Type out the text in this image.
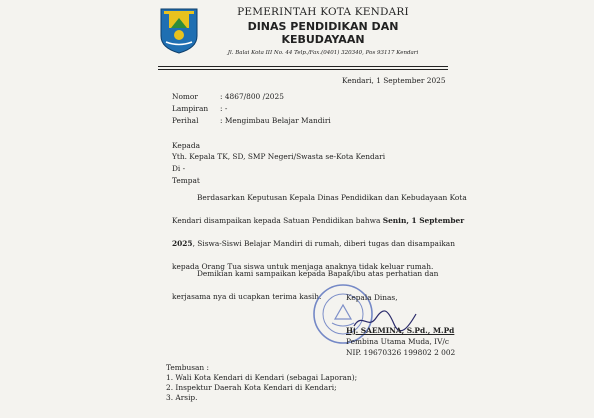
PEMERINTAH KOTA KENDARI
DINAS PENDIDIKAN DAN KEBUDAYAAN
Jl. Balai Kota III No. 44 Telp./Fax.(0401) 320340, Pos 93117 Kendari
Kendari, 1 September 2025
Nomor	: 4867/800 /2025
Lampiran : -
Perihal	: Mengimbau Belajar Mandiri
Kepada
Yth. Kepala TK, SD, SMP Negeri/Swasta se-Kota Kendari
Di -
Tempat
Berdasarkan Keputusan Kepala Dinas Pendidikan dan Kebudayaan Kota
Kendari disampaikan kepada Satuan Pendidikan bahwa Senin, 1 September
2025, Siswa-Siswi Belajar Mandiri di rumah, diberi tugas dan disampaikan
kepada Orang Tua siswa untuk menjaga anaknya tidak keluar rumah.
Demikian kami sampaikan kepada Bapak/ibu atas perhatian dan
kerjasama nya di ucapkan terima kasih.	Kepala Dinas,
Hj. SAEMINA, S.Pd., M.Pd
Pembina Utama Muda, IV/c
NIP. 19670326 199802 2 002
Tembusan :
1. Wali Kota Kendari di Kendari (sebagai Laporan);
2. Inspektur Daerah Kota Kendari di Kendari;
3. Arsip.
